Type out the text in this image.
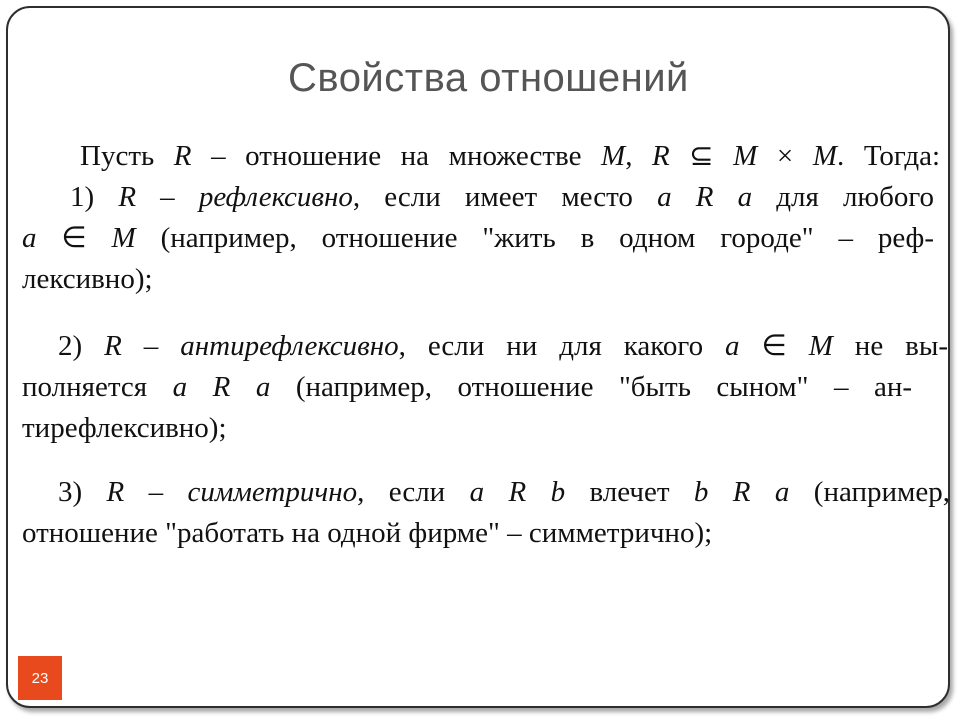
Свойства отношений
Пусть R – отношение на множестве M, R ⊆ M × M. Тогда:
1) R – рефлексивно, если имеет место a R a для любого
a ∈ M (например, отношение "жить в одном городе" – реф-
лексивно);
2) R – антирефлексивно, если ни для какого a ∈ M не вы-
полняется a R a (например, отношение "быть сыном" – ан-
тирефлексивно);
3) R – симметрично, если a R b влечет b R a (например,
отношение "работать на одной фирме" – симметрично);
23
